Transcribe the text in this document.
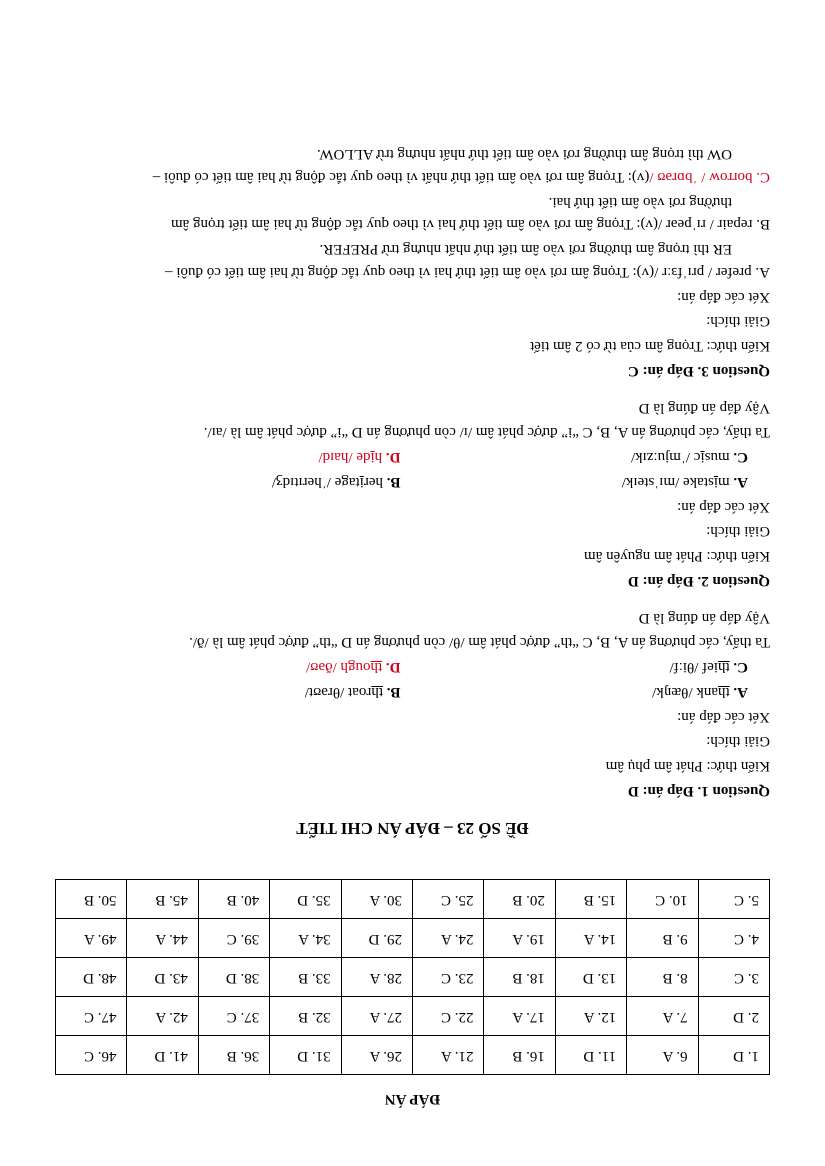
ĐÁP ÁN

1. D	6. A	11. D	16. B	21. A	26. A	31. D	36. B	41. D	46. C
2. D	7. A	12. A	17. A	22. C	27. A	32. B	37. C	42. A	47. C
3. C	8. B	13. D	18. B	23. C	28. A	33. B	38. D	43. D	48. D
4. C	9. B	14. A	19. A	24. A	29. D	34. A	39. C	44. A	49. A
5. C	10. C	15. B	20. B	25. C	30. A	35. D	40. B	45. B	50. B

ĐỀ SỐ 23 – ĐÁP ÁN CHI TIẾT

Question 1. Đáp án: D

Kiến thức: Phát âm phụ âm

Giải thích:

Xét các đáp án:

A. thank /θæŋk/
B. throat /θrəʊt/
C. thief /θiːf/
D. though /ðəʊ/

Ta thấy, các phương án A, B, C “th” được phát âm /θ/ còn phương án D “th” được phát âm là /ð/.

Vậy đáp án đúng là D

Question 2. Đáp án: D

Kiến thức: Phát âm nguyên âm

Giải thích:

Xét các đáp án:

A. mistake /mɪˈsteɪk/
B. heritage /ˈherɪtɪdʒ/
C. music /ˈmjuːzɪk/
D. hide /haɪd/

Ta thấy, các phương án A, B, C “i” được phát âm /ɪ/ còn phương án D “i” được phát âm là /aɪ/.

Vậy đáp án đúng là D

Question 3. Đáp án: C

Kiến thức: Trọng âm của từ có 2 âm tiết

Giải thích:

Xét các đáp án:

A. prefer / prɪˈfɜːr /(v): Trọng âm rơi vào âm tiết thứ hai vì theo quy tắc động từ hai âm tiết có đuôi –

ER thì trọng âm thường rơi vào âm tiết thứ nhất nhưng trừ PREFER.

B. repair / rɪˈpeər /(v): Trọng âm rơi vào âm tiết thứ hai vì theo quy tắc động từ hai âm tiết trọng âm

thường rơi vào âm tiết thứ hai.

C. borrow / ˈbɒrəʊ /(v): Trọng âm rơi vào âm tiết thứ nhất vì theo quy tắc động từ hai âm tiết có đuôi –

OW thì trọng âm thường rơi vào âm tiết thứ nhất nhưng trừ ALLOW.
